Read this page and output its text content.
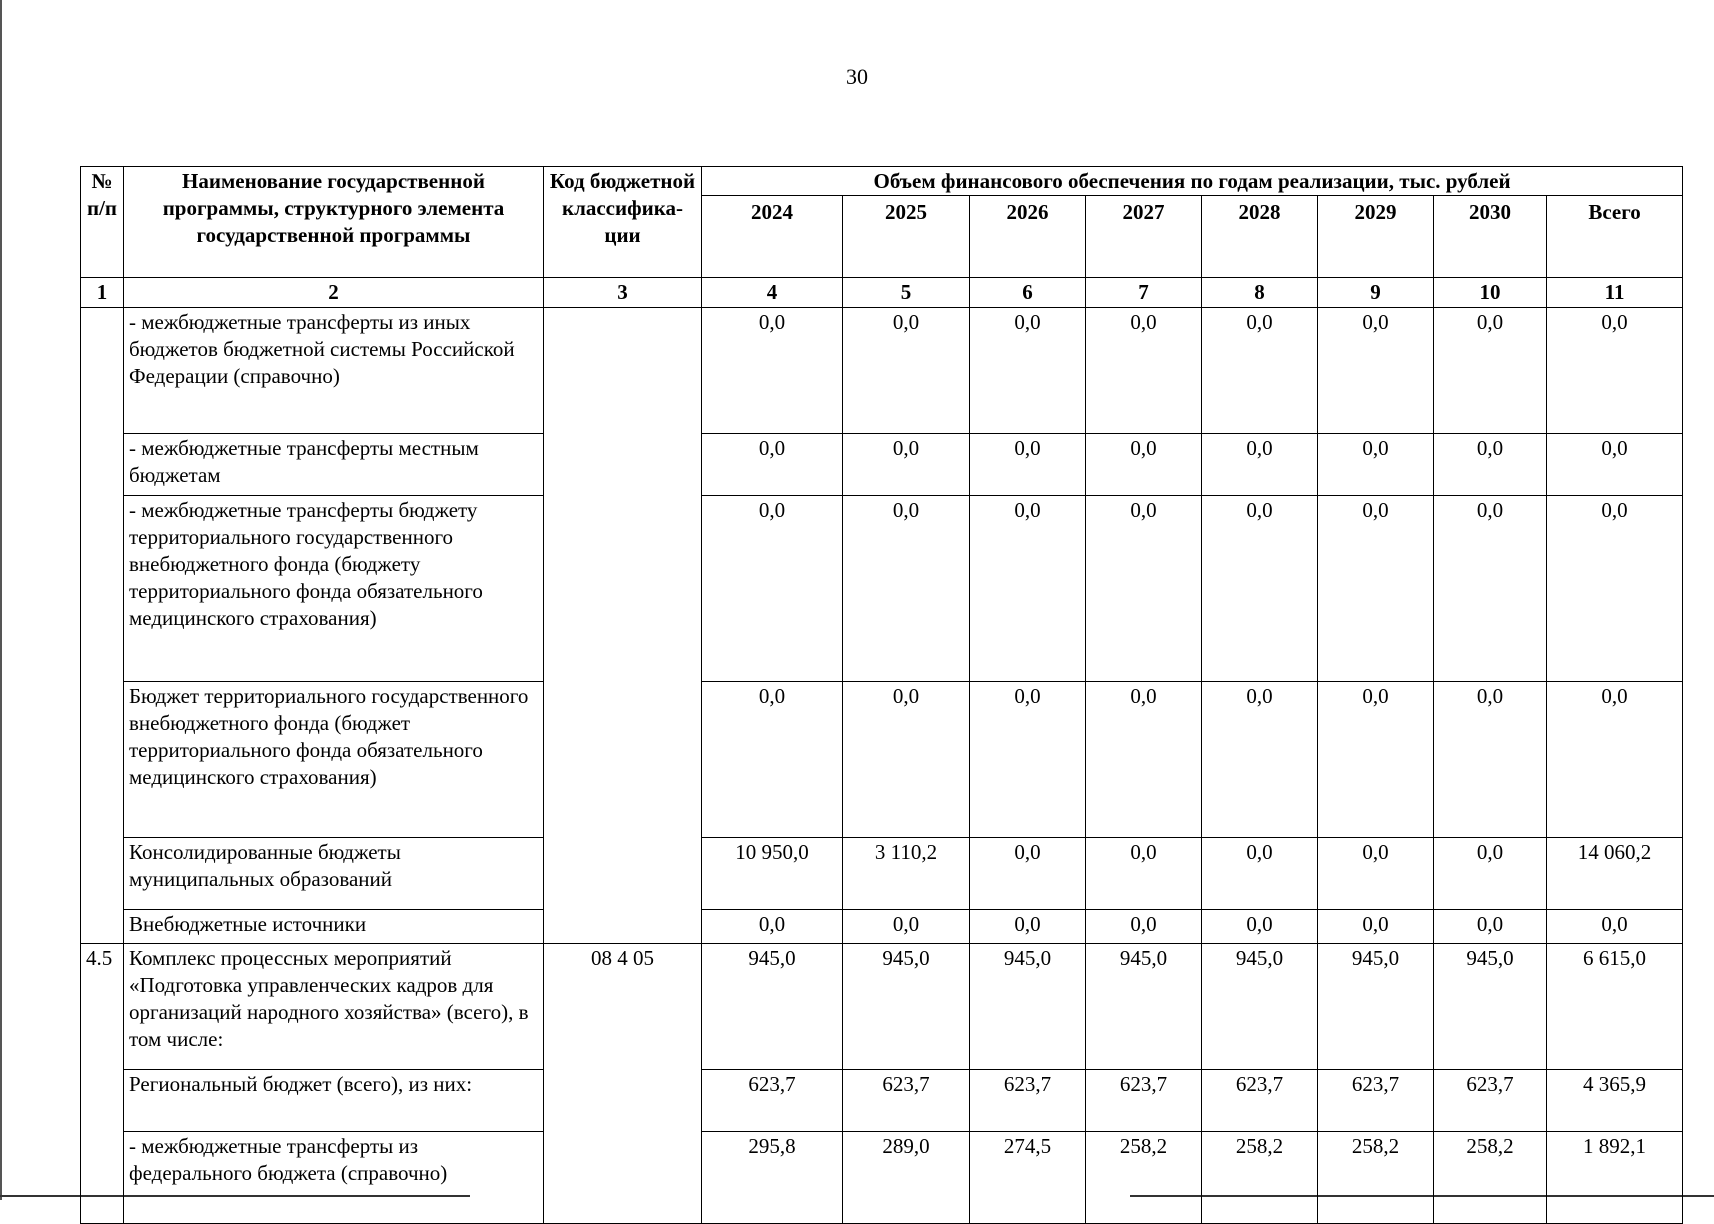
30
№ п/п	Наименование государственной программы, структурного элемента государственной программы	Код бюджетной классифика-ции	Объем финансового обеспечения по годам реализации, тыс. рублей							
			2024	2025	2026	2027	2028	2029	2030	Всего
1	2	3	4	5	6	7	8	9	10	11
	- межбюджетные трансферты из иных бюджетов бюджетной системы Российской Федерации (справочно)		0,0	0,0	0,0	0,0	0,0	0,0	0,0	0,0
	- межбюджетные трансферты местным бюджетам		0,0	0,0	0,0	0,0	0,0	0,0	0,0	0,0
	- межбюджетные трансферты бюджету территориального государственного внебюджетного фонда (бюджету территориального фонда обязательного медицинского страхования)		0,0	0,0	0,0	0,0	0,0	0,0	0,0	0,0
	Бюджет территориального государственного внебюджетного фонда (бюджет территориального фонда обязательного медицинского страхования)		0,0	0,0	0,0	0,0	0,0	0,0	0,0	0,0
	Консолидированные бюджеты муниципальных образований		10 950,0	3 110,2	0,0	0,0	0,0	0,0	0,0	14 060,2
	Внебюджетные источники		0,0	0,0	0,0	0,0	0,0	0,0	0,0	0,0
4.5	Комплекс процессных мероприятий «Подготовка управленческих кадров для организаций народного хозяйства» (всего), в том числе:	08 4 05	945,0	945,0	945,0	945,0	945,0	945,0	945,0	6 615,0
	Региональный бюджет (всего), из них:		623,7	623,7	623,7	623,7	623,7	623,7	623,7	4 365,9
	- межбюджетные трансферты из федерального бюджета (справочно)		295,8	289,0	274,5	258,2	258,2	258,2	258,2	1 892,1
